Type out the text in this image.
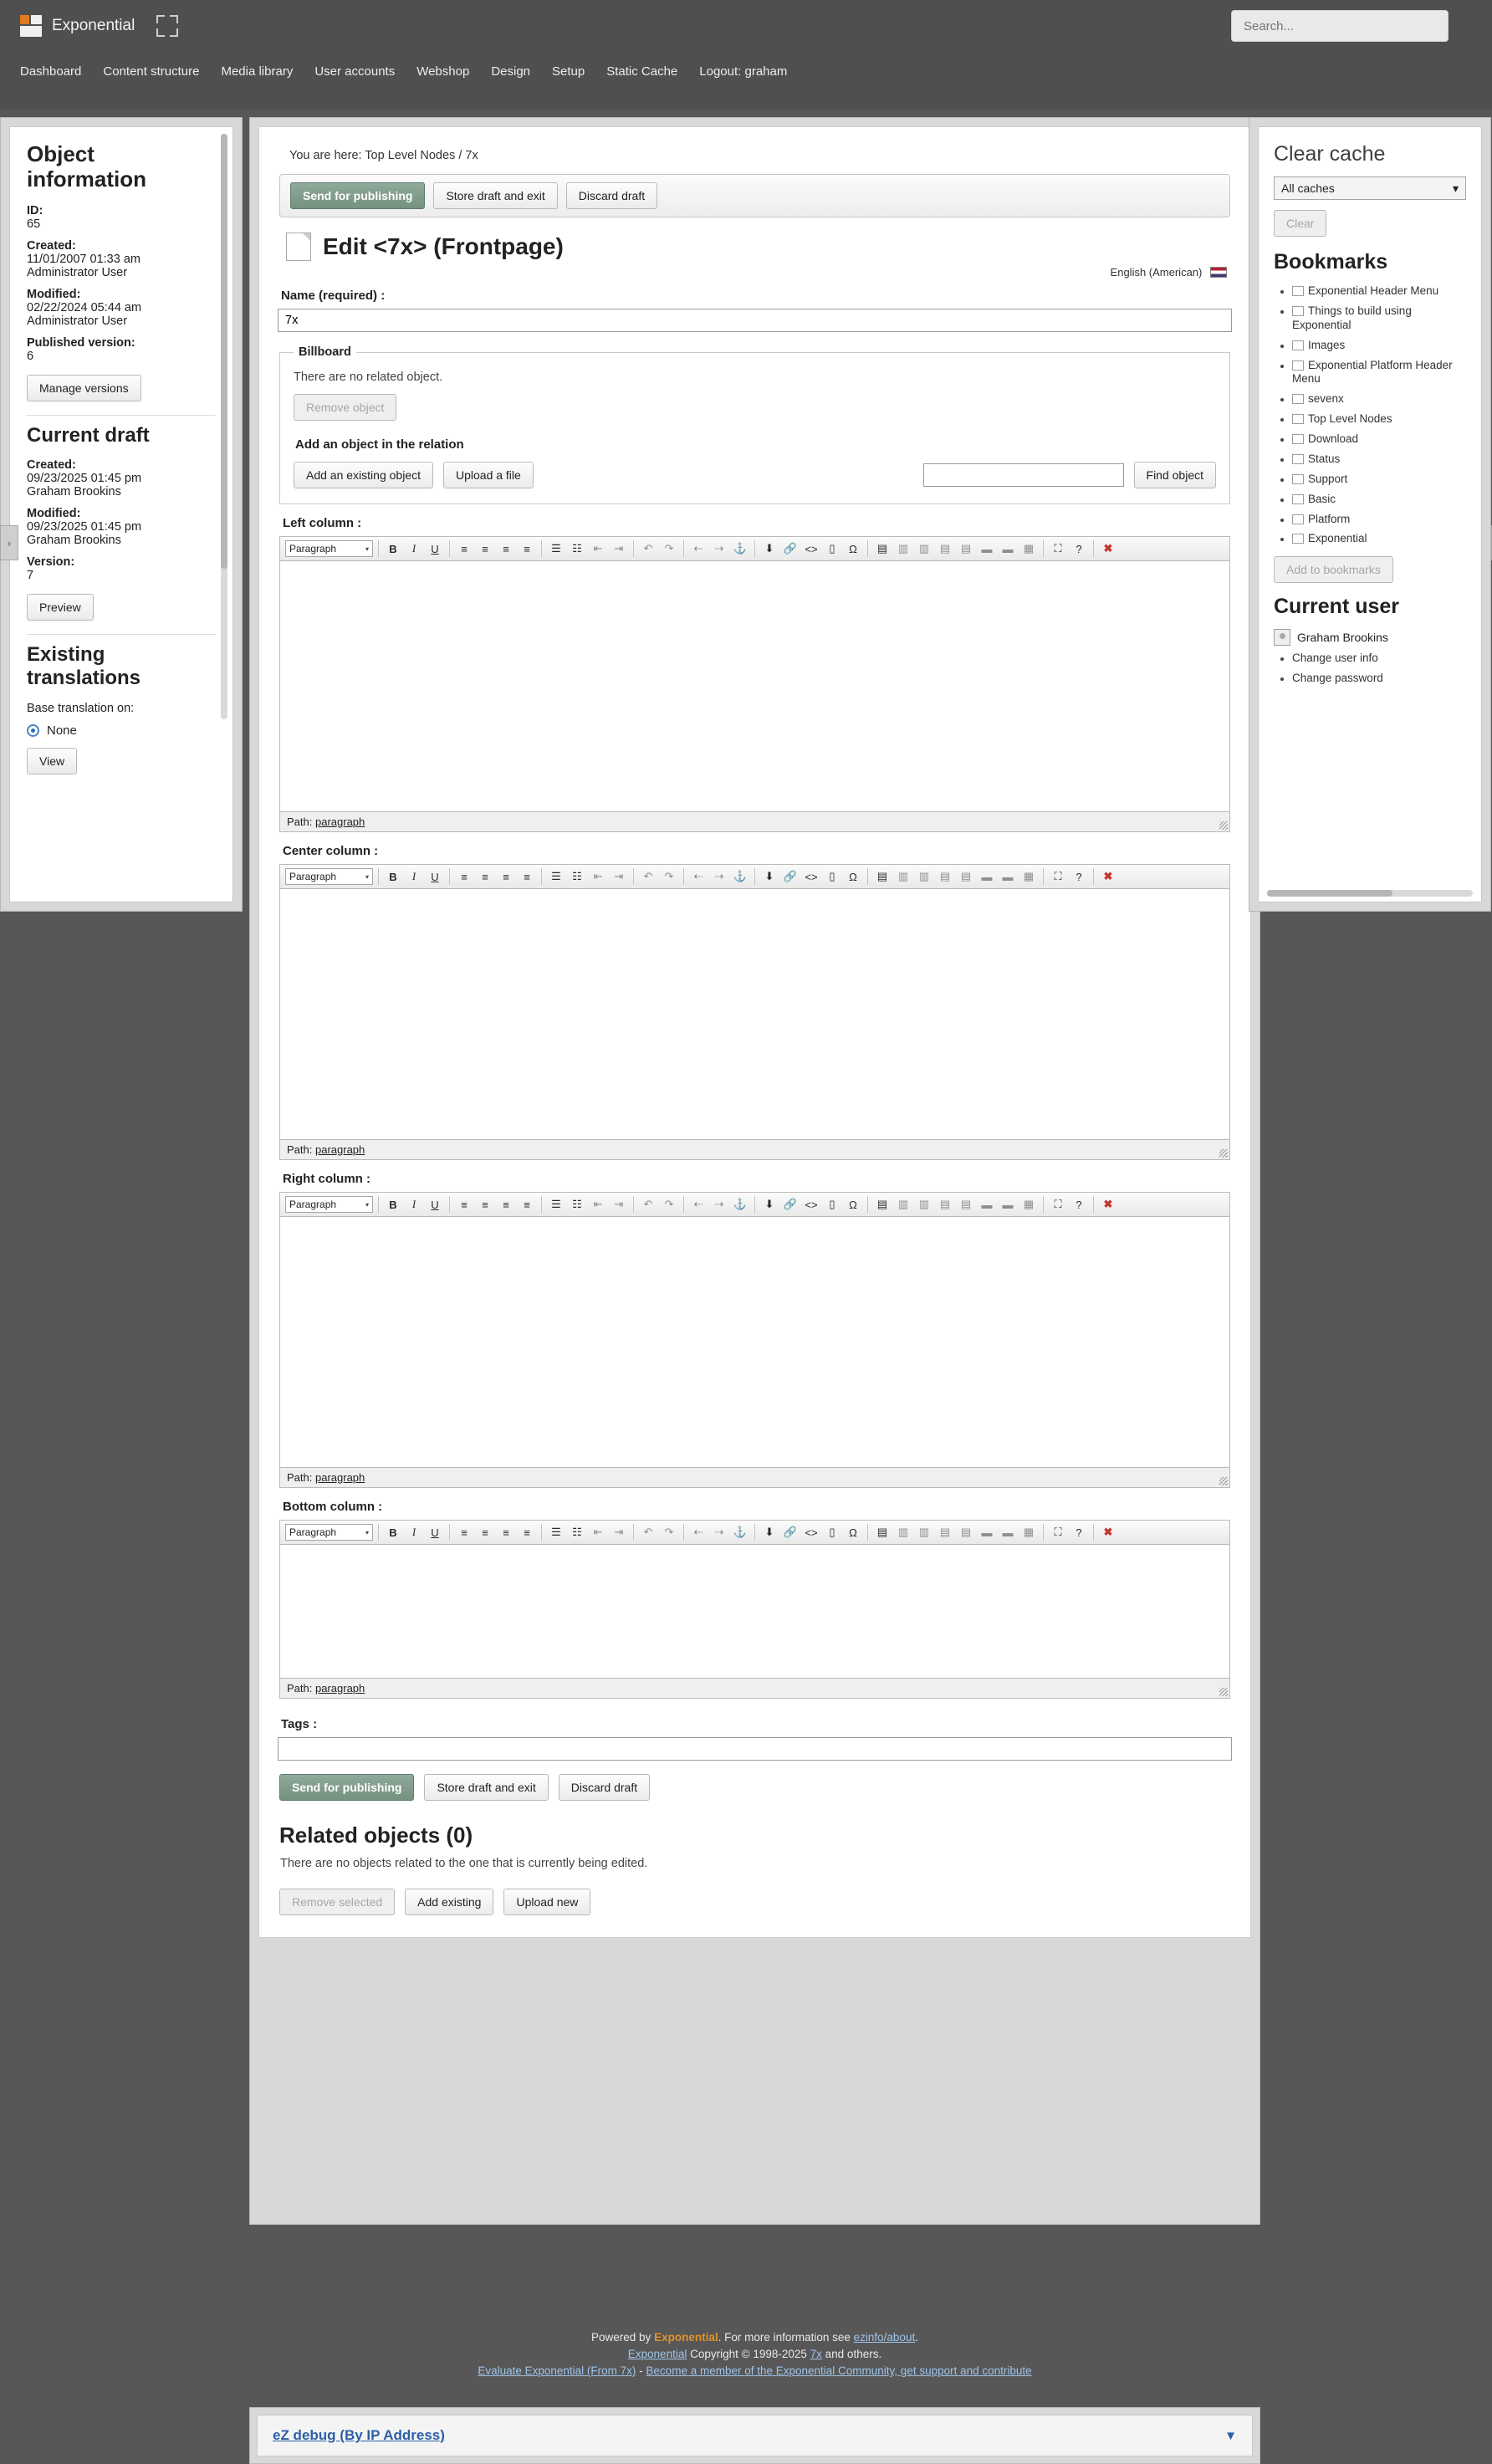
Exponential
Search...
Dashboard Content structure Media library User accounts Webshop Design Setup Static Cache Logout: graham
Object information
ID:
65
Created:
11/01/2007 01:33 am
Administrator User
Modified:
02/22/2024 05:44 am
Administrator User
Published version:
6
Manage versions
Current draft
Created:
09/23/2025 01:45 pm
Graham Brookins
Modified:
09/23/2025 01:45 pm
Graham Brookins
Version:
7
Preview
Existing translations
Base translation on:
None
View
›
You are here: Top Level Nodes / 7x
Send for publishing	Store draft and exit	Discard draft
Edit <7x> (Frontpage)
English (American)
Name (required) :
7x
Billboard
There are no related object.
Remove object
Add an object in the relation
Add an existing object	Upload a file	Find object
Left column :
Paragraph	▾	B	I	U	≡	≡	≡	≡	☰	☷	⇤	⇥	↶	↷	⇠	⇢ ⚓	⬇ 🔗 <>	▯	Ω	▤ ▥ ▥ ▤ ▤ ▬ ▬ ▦	⛶	?	✖
Path: paragraph
Center column :
Paragraph	▾	B	I	U	≡	≡	≡	≡	☰	☷	⇤	⇥	↶	↷	⇠	⇢ ⚓	⬇ 🔗 <>	▯	Ω	▤ ▥ ▥ ▤ ▤ ▬ ▬ ▦	⛶	?	✖
Path: paragraph
Right column :
Paragraph	▾	B	I	U	≡	≡	≡	≡	☰	☷	⇤	⇥	↶	↷	⇠	⇢ ⚓	⬇ 🔗 <>	▯	Ω	▤ ▥ ▥ ▤ ▤ ▬ ▬ ▦	⛶	?	✖
Path: paragraph
Bottom column :
Paragraph	▾	B	I	U	≡	≡	≡	≡	☰	☷	⇤	⇥	↶	↷	⇠	⇢ ⚓	⬇ 🔗 <>	▯	Ω	▤ ▥ ▥ ▤ ▤ ▬ ▬ ▦	⛶	?	✖
Path: paragraph
Tags :
Send for publishing	Store draft and exit	Discard draft
Related objects (0)
There are no objects related to the one that is currently being edited.
Remove selected	Add existing	Upload new
Clear cache
All caches	▾
Clear
Bookmarks
Exponential Header Menu
Things to build using Exponential
Images
Exponential Platform Header Menu
sevenx
Top Level Nodes
Download
Status
Support
Basic
Platform
Exponential
Add to bookmarks
Current user
Graham Brookins
Change user info
Change password
Powered by Exponential. For more information see ezinfo/about.
Exponential Copyright © 1998-2025 7x and others.
Evaluate Exponential (From 7x) - Become a member of the Exponential Community, get support and contribute
eZ debug (By IP Address)	▼
